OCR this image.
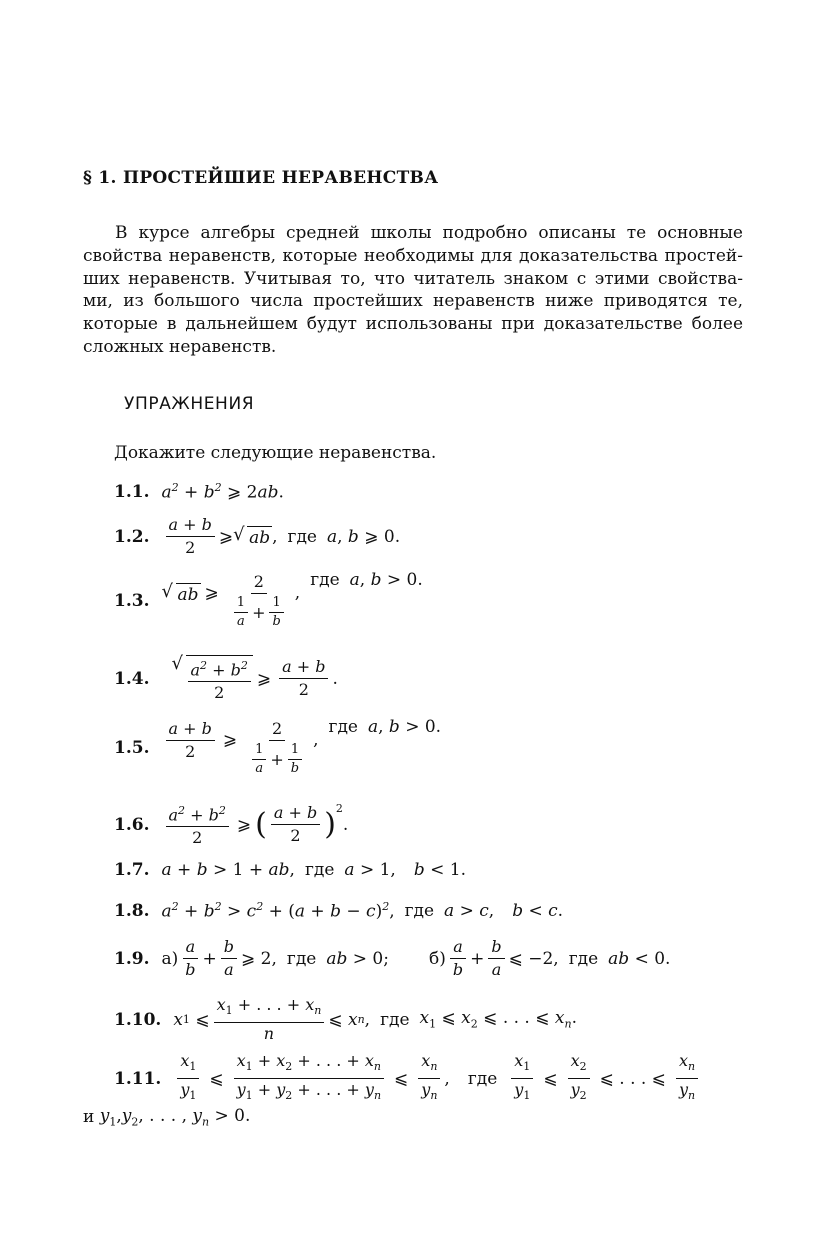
§ 1. ПРОСТЕЙШИЕ НЕРАВЕНСТВА
В курсе алгебры средней школы подробно описаны те основные
свойства неравенств, которые необходимы для доказательства простей-
ших неравенств. Учитывая то, что читатель знаком с этими свойства-
ми, из большого числа простейших неравенств ниже приводятся те,
которые в дальнейшем будут использованы при доказательстве более
сложных неравенств.
УПРАЖНЕНИЯ
Докажите следующие неравенства.
1.1. $a^2 + b^2$ ⩾ 2ab.
1.2. $\frac{a + b}{2}$ ⩾ √ ab , где a, b ⩾ 0.
1.3. √ ab ⩾ $\frac{2}{\frac{1}{a} + \frac{1}{b}}$ ,
где a, b > 0.
1.4. √ $\frac{a^2 + b^2}{2}$ ⩾ $\frac{a + b}{2}$ .
1.5. $\frac{a + b}{2}$ ⩾ $\frac{2}{\frac{1}{a} + \frac{1}{b}}$ ,
где a, b > 0.
1.6. $\frac{a^2 + b^2}{2}$ ⩾ ( $\frac{a + b}{2} )^2$
.
1.7. a + b > 1 + ab, где a > 1, b < 1.
1.8. $a^2 + b^2 > c^2 + (a + b - c)^2$, где a > c, b < c.
1.9. $а) \frac{a}{b} + \frac{b}{a}$ ⩾ 2, где ab > 0; $б) \frac{a}{b} + \frac{b}{a}$ ⩽ −2, где ab < 0.
1.10. x 1
⩽ $\frac{x_1 + . . . + x_n}{n}$ ⩽ x n , где $x_1$ ⩽ $x_2$ ⩽ . . . ⩽ $x_n$.
1.11. $\frac{x_1}{y_1}$ ⩽ $\frac{x_1 + x_2 + . . . + x_n}{y_1 + y_2 + . . . + y_n}$ ⩽ $\frac{x_n}{y_n}$ , где $\frac{x_1}{y_1}$ ⩽ $\frac{x_2}{y_2}$ ⩽ . . . ⩽ $\frac{x_n}{y_n}$
и
$y_1,y_2$, . . . , $y_n > 0$.
